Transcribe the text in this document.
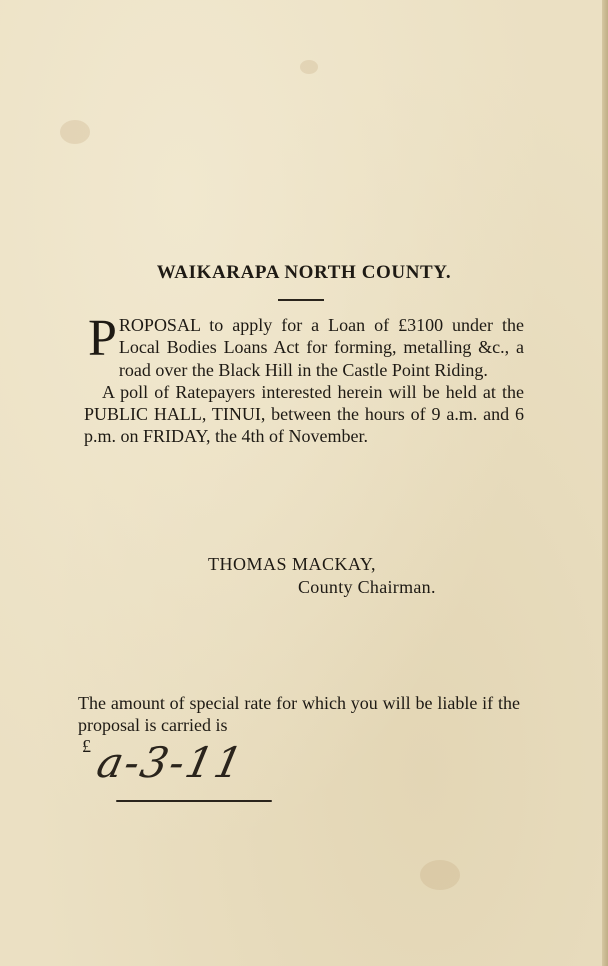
WAIKARAPA NORTH COUNTY.

PROPOSAL to apply for a Loan of £3100 under the Local Bodies Loans Act for forming, metalling &c., a road over the Black Hill in the Castle Point Riding.

A poll of Ratepayers interested herein will be held at the PUBLIC HALL, TINUI, between the hours of 9 a.m. and 6 p.m. on FRIDAY, the 4th of November.

THOMAS MACKAY,
County Chairman.
The amount of special rate for which you will be liable if the proposal is carried is
£ a-3-11
